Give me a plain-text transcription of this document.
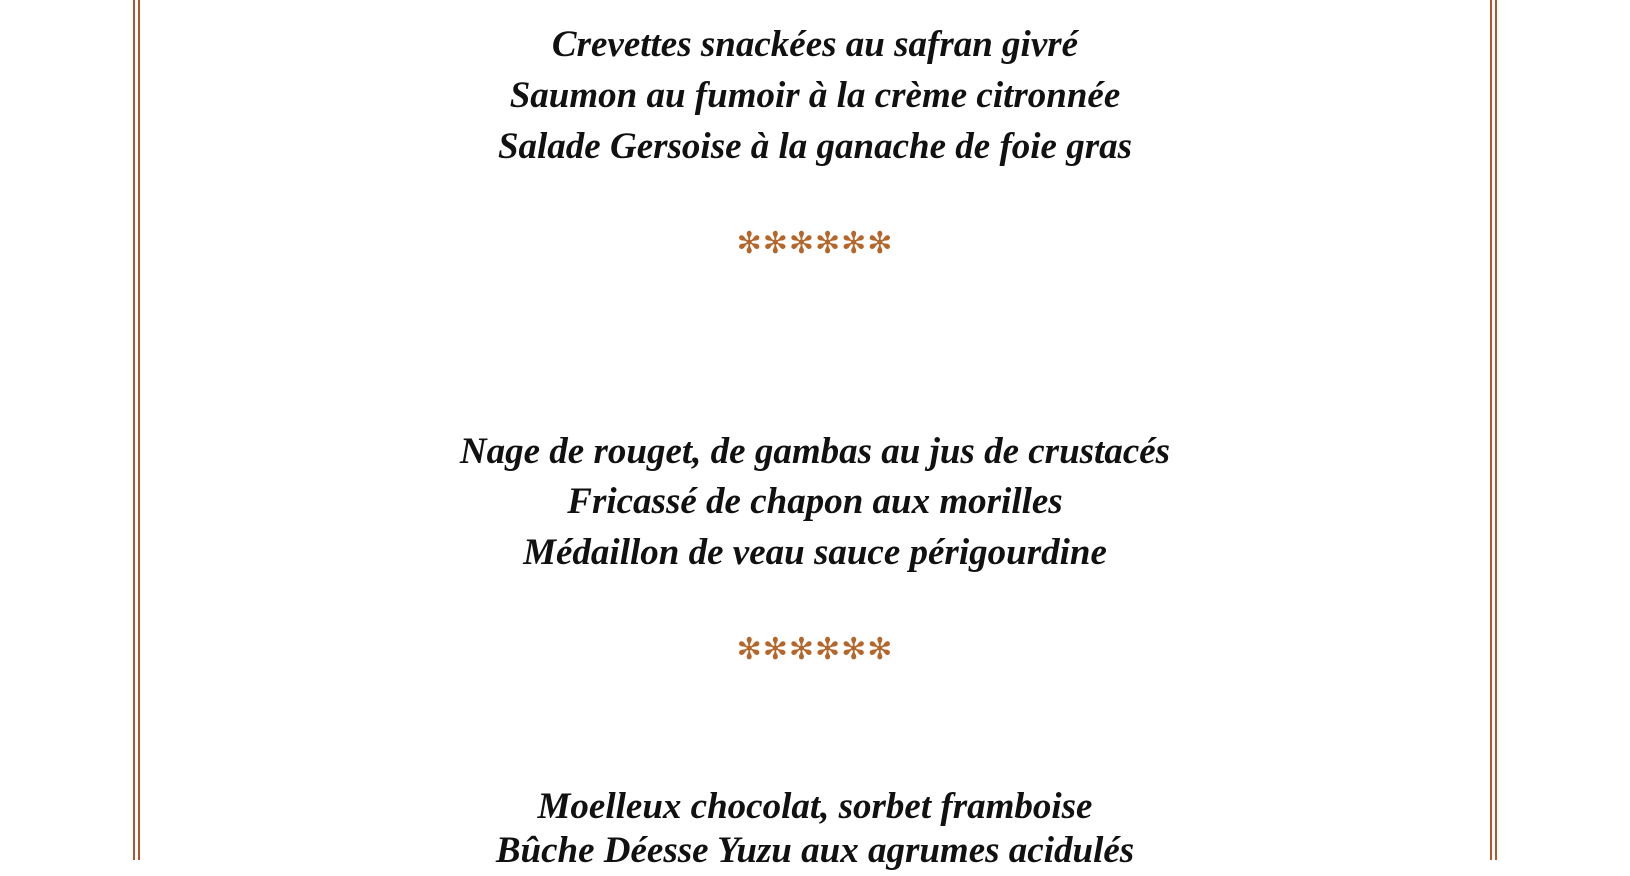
Crevettes snackées au safran givré
Saumon au fumoir à la crème citronnée
Salade Gersoise à la ganache de foie gras
✻✻✻✻✻✻
Nage de rouget, de gambas au jus de crustacés
Fricassé de chapon aux morilles
Médaillon de veau sauce périgourdine
✻✻✻✻✻✻
Moelleux chocolat, sorbet framboise
Bûche Déesse Yuzu aux agrumes acidulés
